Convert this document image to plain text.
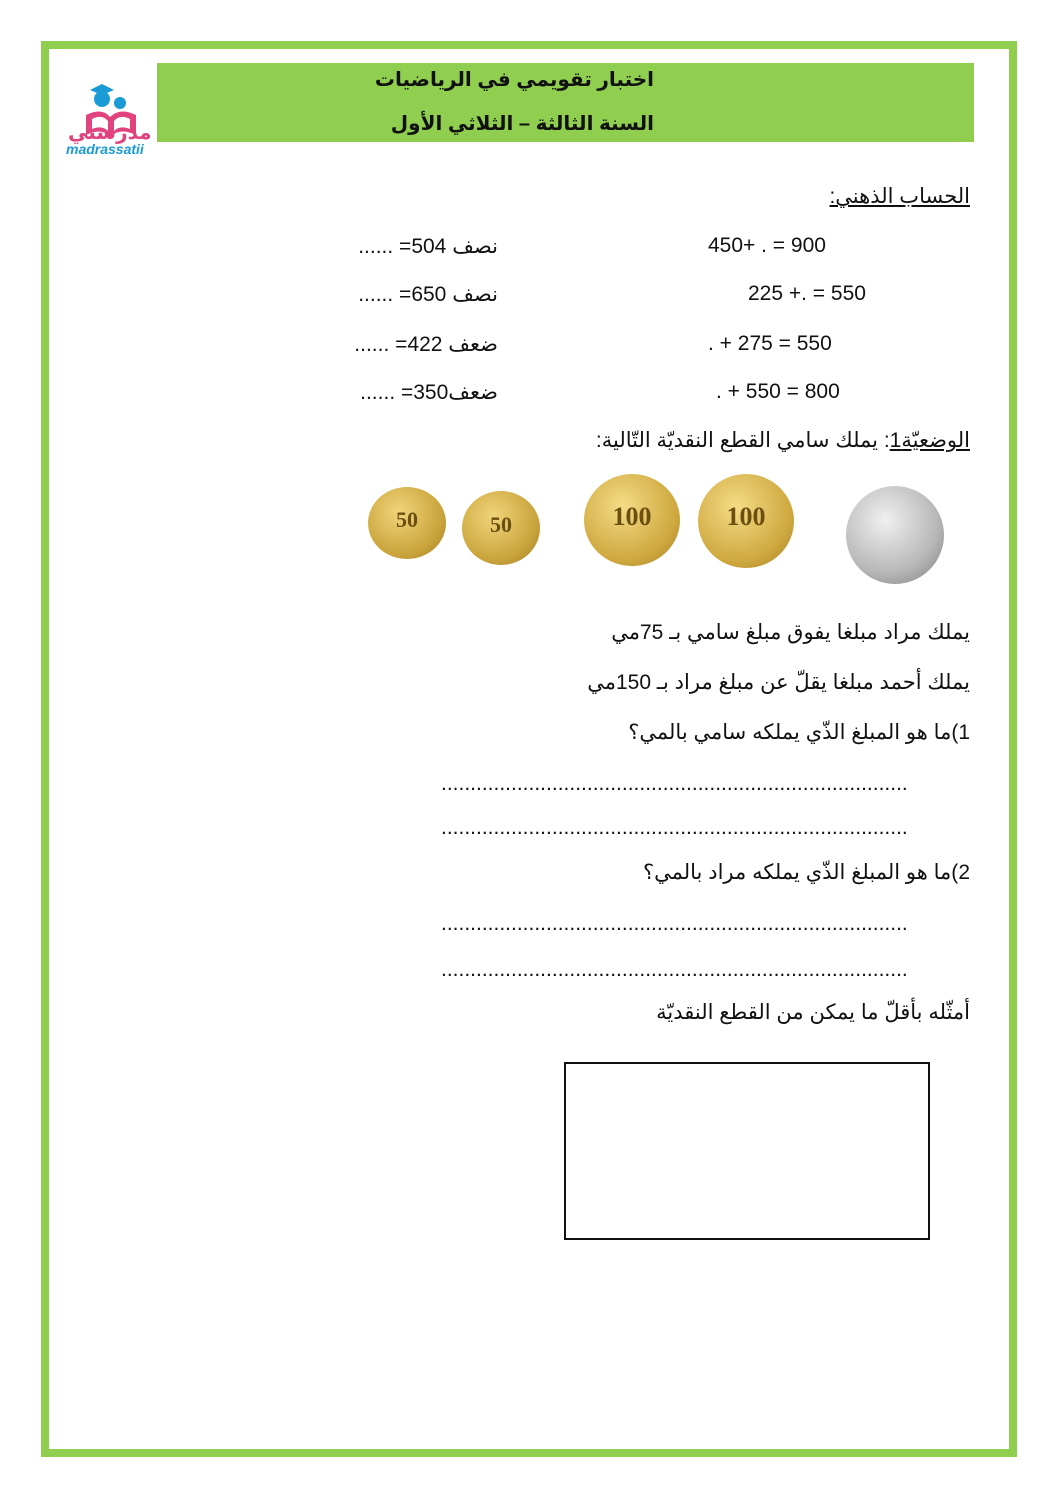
اختبار تقويمي في الرياضيات
السنة الثالثة – الثلاثي الأول
مدرستي
madrassatii
الحساب الذهني:
450+ . = 900
225 +. = 550
. + 275 = 550
. + 550 = 800
نصف 504= ......
نصف 650= ......
ضعف 422= ......
ضعف350= ......
الوضعيّة1: يملك سامي القطع النقديّة التّالية:
50	50	100	100
يملك مراد مبلغا يفوق مبلغ سامي بـ 75مي
يملك أحمد مبلغا يقلّ عن مبلغ مراد بـ 150مي
1)ما هو المبلغ الذّي يملكه سامي بالمي؟
................................................................................
................................................................................
2)ما هو المبلغ الذّي يملكه مراد بالمي؟
................................................................................
................................................................................
أمثّله بأقلّ ما يمكن من القطع النقديّة
